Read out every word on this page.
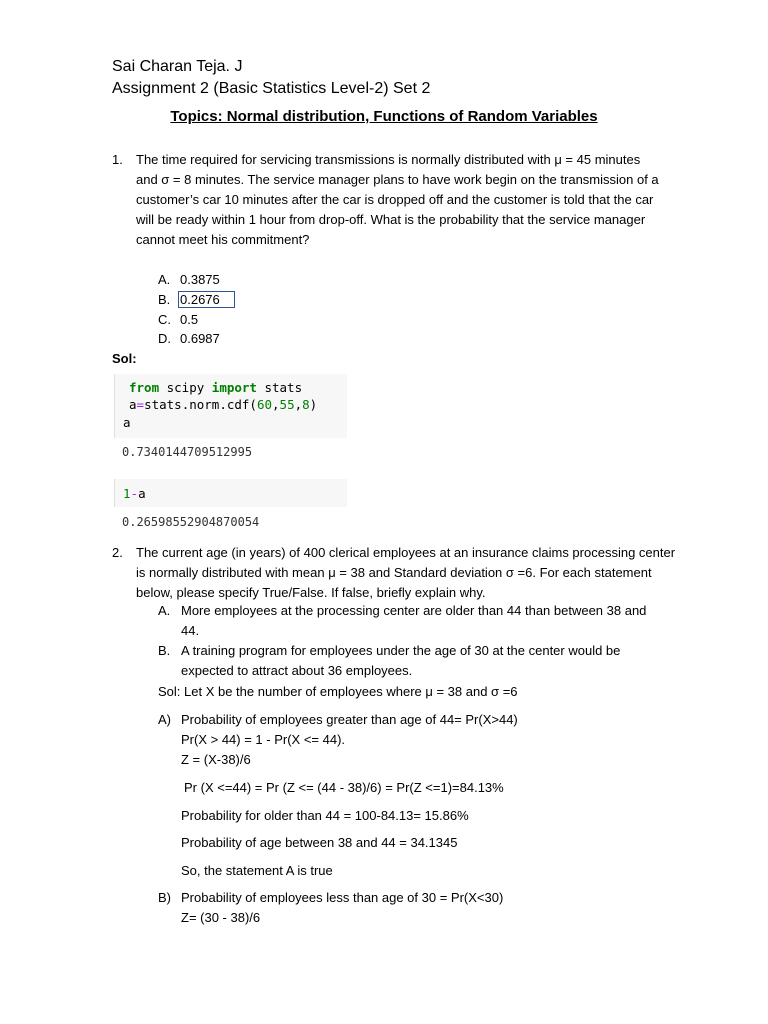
Sai Charan Teja. J
Assignment 2 (Basic Statistics Level-2) Set 2
Topics: Normal distribution, Functions of Random Variables
1. The time required for servicing transmissions is normally distributed with μ = 45 minutes
and σ = 8 minutes. The service manager plans to have work begin on the transmission of a
customer’s car 10 minutes after the car is dropped off and the customer is told that the car
will be ready within 1 hour from drop-off. What is the probability that the service manager
cannot meet his commitment?
A. 0.3875
B. 0.2676
C. 0.5
D. 0.6987
Sol:
from scipy import stats
a=stats.norm.cdf(60,55,8)
a
0.7340144709512995
1-a
0.26598552904870054
2. The current age (in years) of 400 clerical employees at an insurance claims processing center
is normally distributed with mean μ = 38 and Standard deviation σ =6. For each statement
below, please specify True/False. If false, briefly explain why.
A. More employees at the processing center are older than 44 than between 38 and
44.
B. A training program for employees under the age of 30 at the center would be
expected to attract about 36 employees.
Sol: Let X be the number of employees where μ = 38 and σ =6
A) Probability of employees greater than age of 44= Pr(X>44)
Pr(X > 44) = 1 - Pr(X <= 44).
Z = (X-38)/6
Pr (X <=44) = Pr (Z <= (44 - 38)/6) = Pr(Z <=1)=84.13%
Probability for older than 44 = 100-84.13= 15.86%
Probability of age between 38 and 44 = 34.1345
So, the statement A is true
B) Probability of employees less than age of 30 = Pr(X<30)
Z= (30 - 38)/6
